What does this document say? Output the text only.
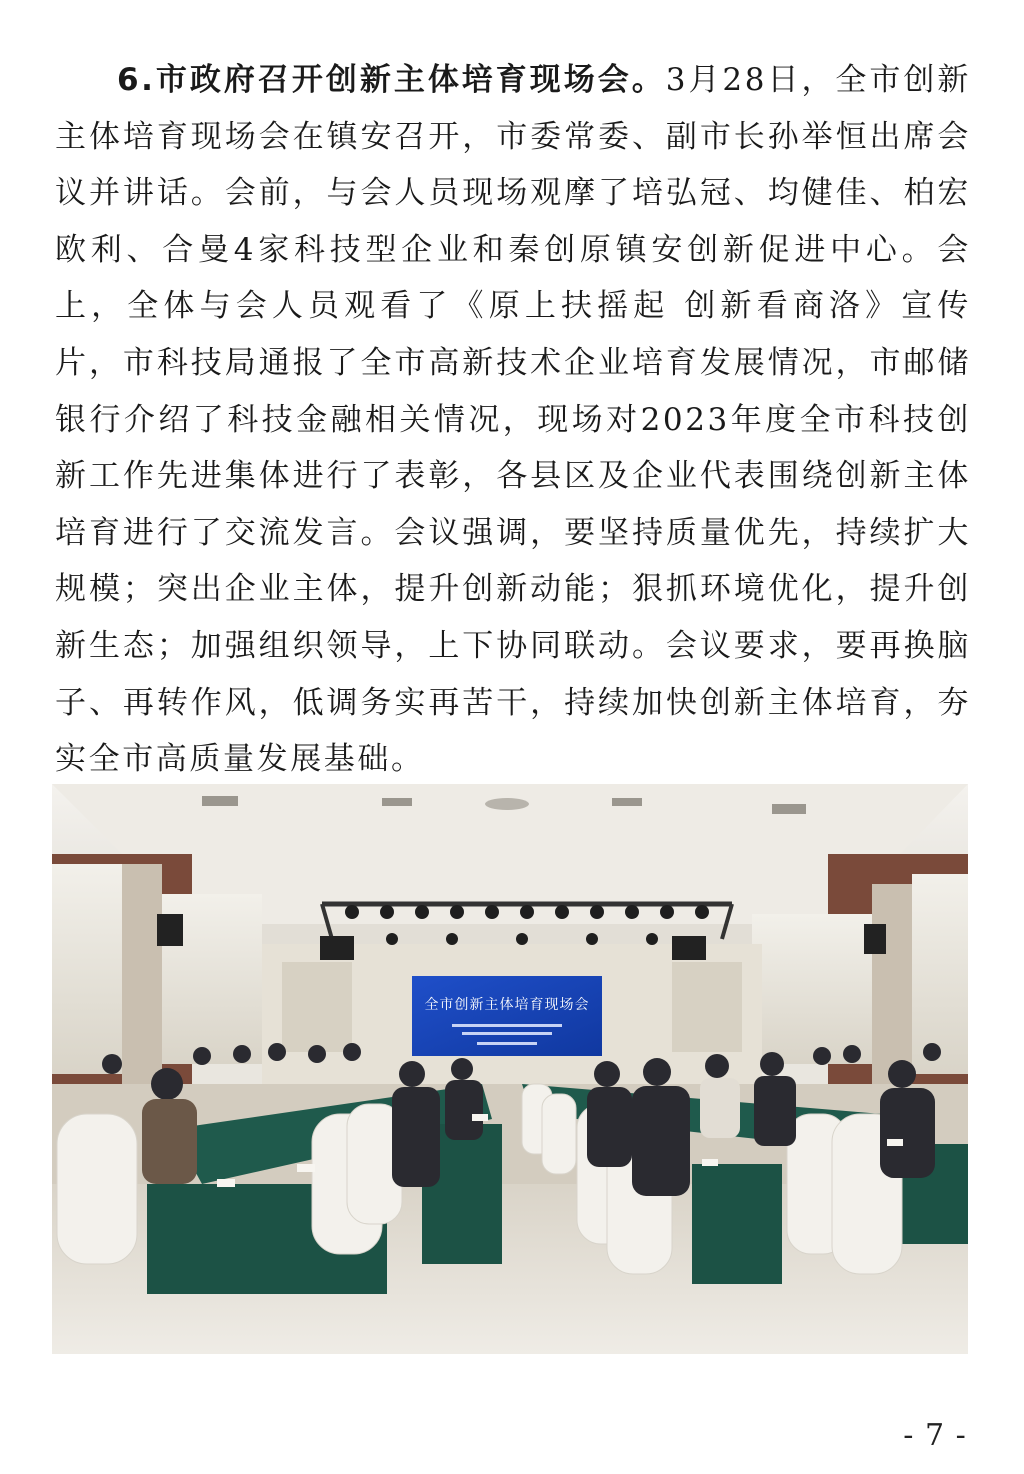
6.市政府召开创新主体培育现场会。3月28日，全市创新主体培育现场会在镇安召开，市委常委、副市长孙举恒出席会议并讲话。会前，与会人员现场观摩了培弘冠、均健佳、柏宏欧利、合曼4家科技型企业和秦创原镇安创新促进中心。会上，全体与会人员观看了《原上扶摇起 创新看商洛》宣传片，市科技局通报了全市高新技术企业培育发展情况，市邮储银行介绍了科技金融相关情况，现场对2023年度全市科技创新工作先进集体进行了表彰，各县区及企业代表围绕创新主体培育进行了交流发言。会议强调，要坚持质量优先，持续扩大规模；突出企业主体，提升创新动能；狠抓环境优化，提升创新生态；加强组织领导，上下协同联动。会议要求，要再换脑子、再转作风，低调务实再苦干，持续加快创新主体培育，夯实全市高质量发展基础。

全市创新主体培育现场会
- 7 -
